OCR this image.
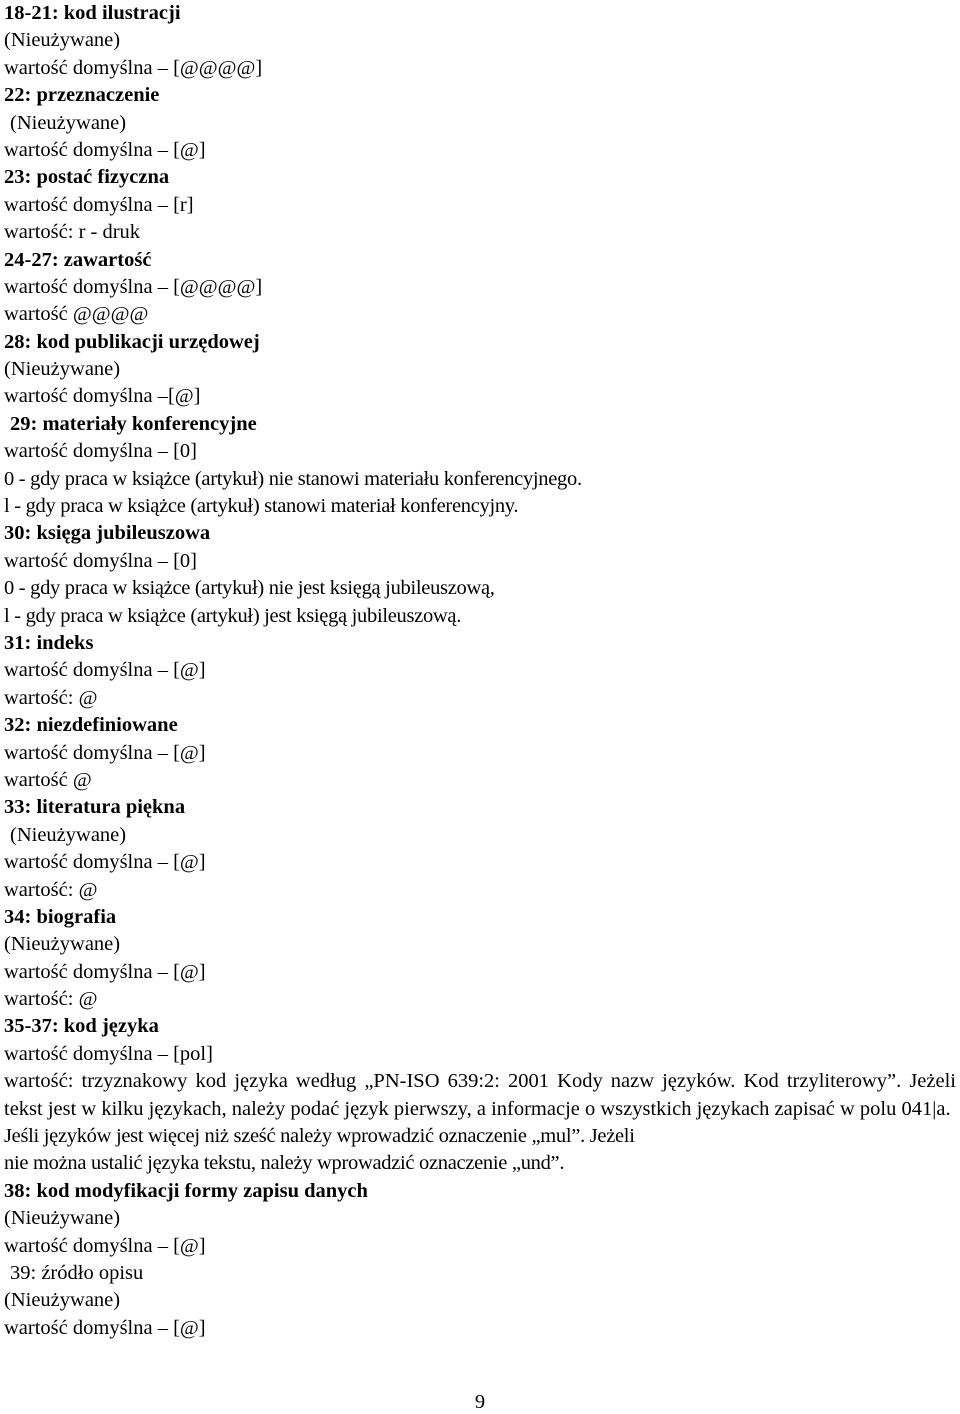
18-21: kod ilustracji
(Nieużywane)
wartość domyślna – [@@@@]
22: przeznaczenie
(Nieużywane)
wartość domyślna – [@]
23: postać fizyczna
wartość domyślna – [r]
wartość: r - druk
24-27: zawartość
wartość domyślna – [@@@@]
wartość @@@@
28: kod publikacji urzędowej
(Nieużywane)
wartość domyślna –[@]
29: materiały konferencyjne
wartość domyślna – [0]
0 - gdy praca w książce (artykuł) nie stanowi materiału konferencyjnego.
l - gdy praca w książce (artykuł) stanowi materiał konferencyjny.
30: księga jubileuszowa
wartość domyślna – [0]
0 - gdy praca w książce (artykuł) nie jest księgą jubileuszową,
l - gdy praca w książce (artykuł) jest księgą jubileuszową.
31: indeks
wartość domyślna – [@]
wartość: @
32: niezdefiniowane
wartość domyślna – [@]
wartość @
33: literatura piękna
(Nieużywane)
wartość domyślna – [@]
wartość: @
34: biografia
(Nieużywane)
wartość domyślna – [@]
wartość: @
35-37: kod języka
wartość domyślna – [pol]
wartość: trzyznakowy kod języka według „PN-ISO 639:2: 2001 Kody nazw języków. Kod trzyliterowy”. Jeżeli tekst jest w kilku językach, należy podać język pierwszy, a informacje o wszystkich językach zapisać w polu 041|a.
Jeśli języków jest więcej niż sześć należy wprowadzić oznaczenie „mul”. Jeżeli
nie można ustalić języka tekstu, należy wprowadzić oznaczenie „und”.
38: kod modyfikacji formy zapisu danych
(Nieużywane)
wartość domyślna – [@]
39: źródło opisu
(Nieużywane)
wartość domyślna – [@]
9
